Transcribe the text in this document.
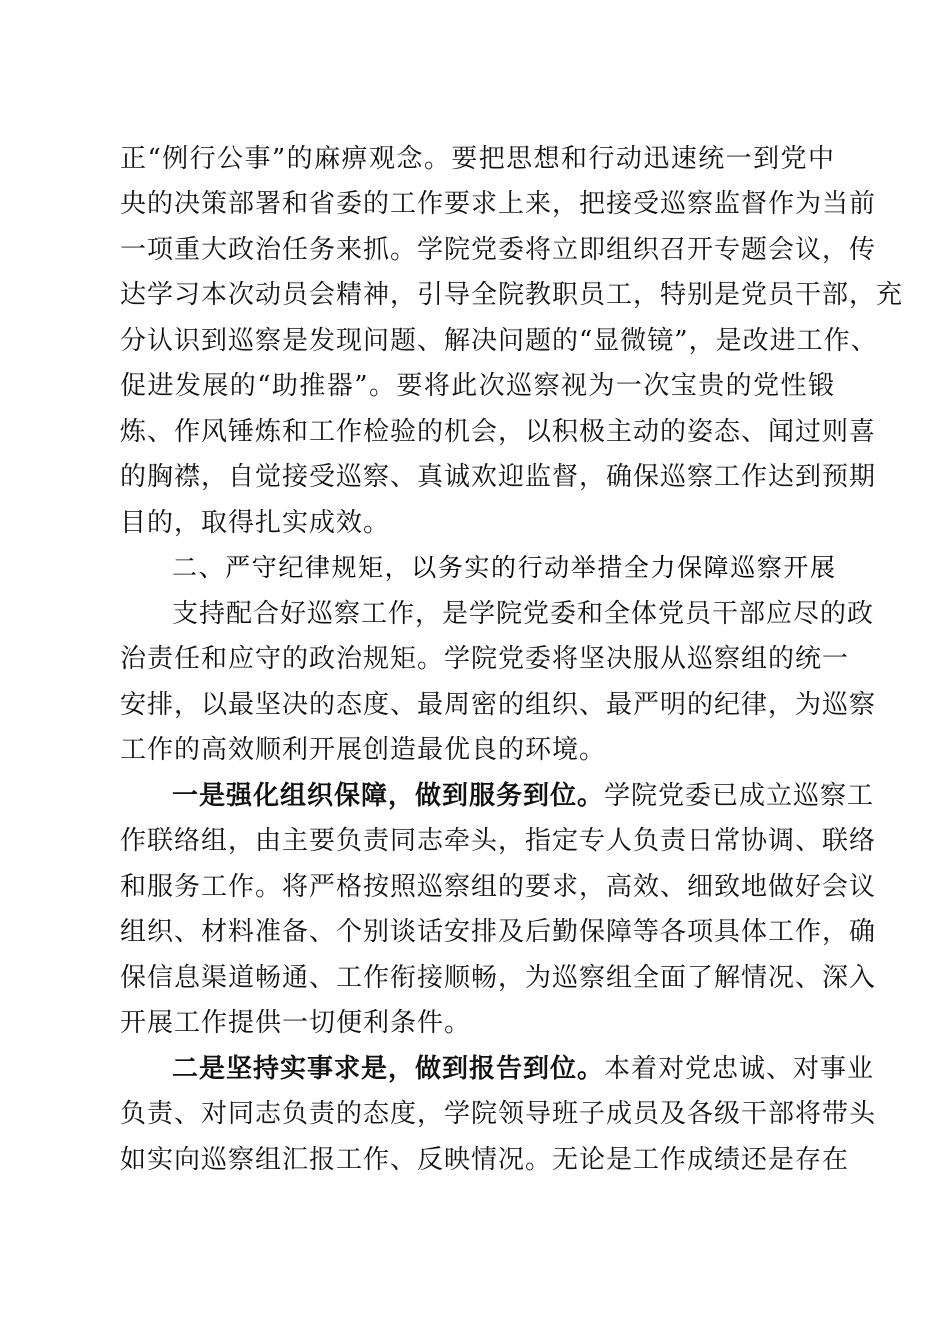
正“例行公事”的麻痹观念。要把思想和行动迅速统一到党中
央的决策部署和省委的工作要求上来，把接受巡察监督作为当前
一项重大政治任务来抓。学院党委将立即组织召开专题会议，传
达学习本次动员会精神，引导全院教职员工，特别是党员干部，充
分认识到巡察是发现问题、解决问题的“显微镜”，是改进工作、
促进发展的“助推器”。要将此次巡察视为一次宝贵的党性锻
炼、作风锤炼和工作检验的机会，以积极主动的姿态、闻过则喜
的胸襟，自觉接受巡察、真诚欢迎监督，确保巡察工作达到预期
目的，取得扎实成效。
二、严守纪律规矩，以务实的行动举措全力保障巡察开展
支持配合好巡察工作，是学院党委和全体党员干部应尽的政
治责任和应守的政治规矩。学院党委将坚决服从巡察组的统一
安排，以最坚决的态度、最周密的组织、最严明的纪律，为巡察
工作的高效顺利开展创造最优良的环境。
一是强化组织保障，做到服务到位。学院党委已成立巡察工
作联络组，由主要负责同志牵头，指定专人负责日常协调、联络
和服务工作。将严格按照巡察组的要求，高效、细致地做好会议
组织、材料准备、个别谈话安排及后勤保障等各项具体工作，确
保信息渠道畅通、工作衔接顺畅，为巡察组全面了解情况、深入
开展工作提供一切便利条件。
二是坚持实事求是，做到报告到位。本着对党忠诚、对事业
负责、对同志负责的态度，学院领导班子成员及各级干部将带头
如实向巡察组汇报工作、反映情况。无论是工作成绩还是存在
